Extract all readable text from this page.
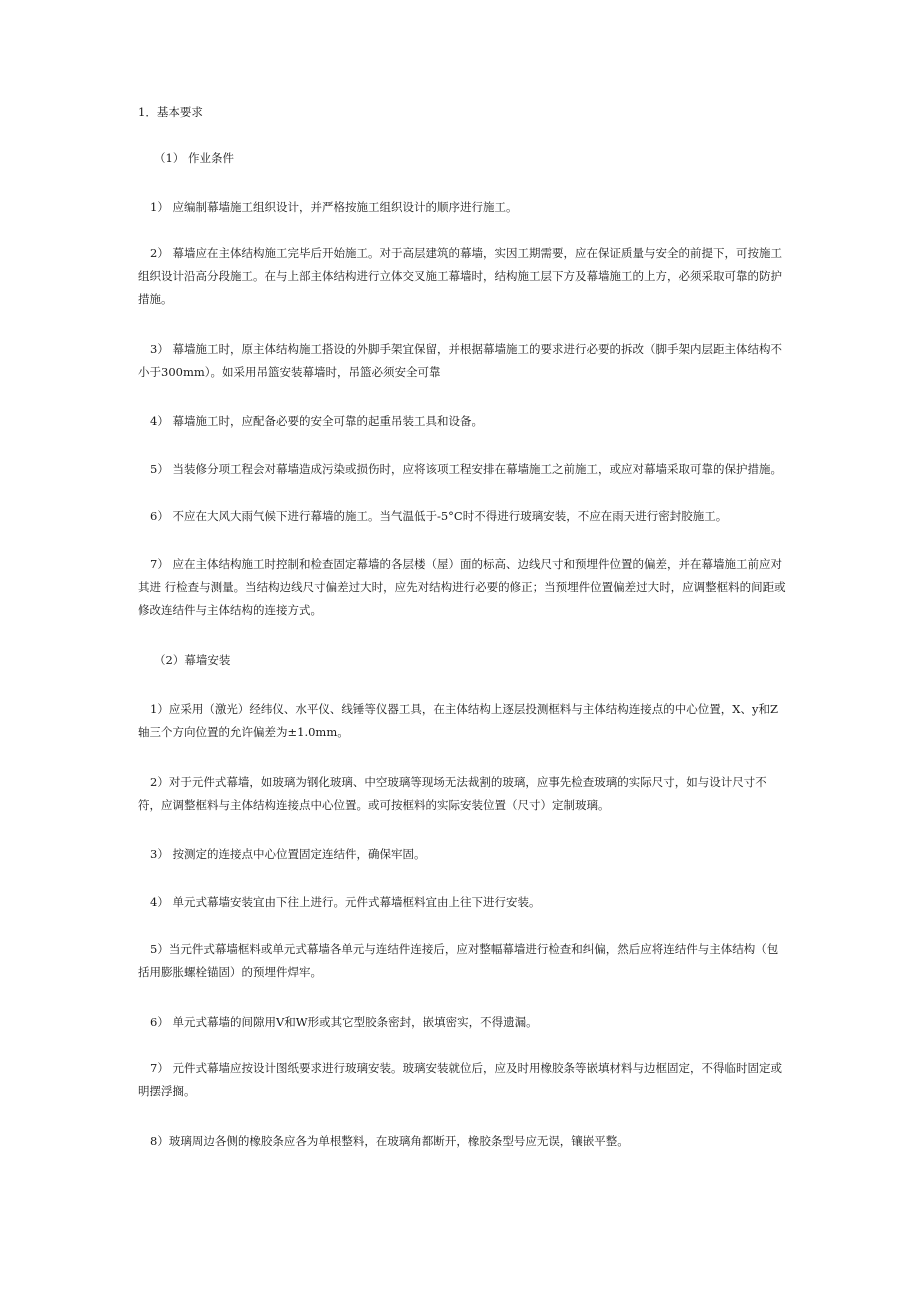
1．基本要求
（1） 作业条件

1） 应编制幕墙施工组织设计，并严格按施工组织设计的顺序进行施工。

2） 幕墙应在主体结构施工完毕后开始施工。对于高层建筑的幕墙，实因工期需要，应在保证质量与安全的前提下，可按施工组织设计沿高分段施工。在与上部主体结构进行立体交叉施工幕墙时，结构施工层下方及幕墙施工的上方，必须采取可靠的防护 措施。

3） 幕墙施工时，原主体结构施工搭设的外脚手架宜保留，并根据幕墙施工的要求进行必要的拆改（脚手架内层距主体结构不小于300mm）。如采用吊篮安装幕墙时，吊篮必须安全可靠

4） 幕墙施工时，应配备必要的安全可靠的起重吊装工具和设备。

5） 当装修分项工程会对幕墙造成污染或损伤时，应将该项工程安排在幕墙施工之前施工，或应对幕墙采取可靠的保护措施。

6） 不应在大风大雨气候下进行幕墙的施工。当气温低于-5°C时不得进行玻璃安装，不应在雨天进行密封胶施工。

7） 应在主体结构施工时控制和检查固定幕墙的各层楼（屋）面的标高、边线尺寸和预埋件位置的偏差，并在幕墙施工前应对其进 行检查与测量。当结构边线尺寸偏差过大时，应先对结构进行必要的修正；当预埋件位置偏差过大时，应调整框料的间距或修改连结件与主体结构的连接方式。

（2）幕墙安装

1）应采用（激光）经纬仪、水平仪、线锤等仪器工具，在主体结构上逐层投测框料与主体结构连接点的中心位置，X、y和Z轴三个方向位置的允许偏差为±1.0mm。

2）对于元件式幕墙，如玻璃为钢化玻璃、中空玻璃等现场无法裁割的玻璃，应事先检查玻璃的实际尺寸，如与设计尺寸不符，应调整框料与主体结构连接点中心位置。或可按框料的实际安装位置（尺寸）定制玻璃。

3） 按测定的连接点中心位置固定连结件，确保牢固。

4） 单元式幕墙安装宜由下往上进行。元件式幕墙框料宜由上往下进行安装。

5）当元件式幕墙框料或单元式幕墙各单元与连结件连接后，应对整幅幕墙进行检查和纠偏，然后应将连结件与主体结构（包括用膨胀螺栓锚固）的预埋件焊牢。

6） 单元式幕墙的间隙用V和W形或其它型胶条密封，嵌填密实，不得遗漏。

7） 元件式幕墙应按设计图纸要求进行玻璃安装。玻璃安装就位后，应及时用橡胶条等嵌填材料与边框固定，不得临时固定或明摆浮搁。

8）玻璃周边各侧的橡胶条应各为单根整料，在玻璃角都断开，橡胶条型号应无误，镶嵌平整。
